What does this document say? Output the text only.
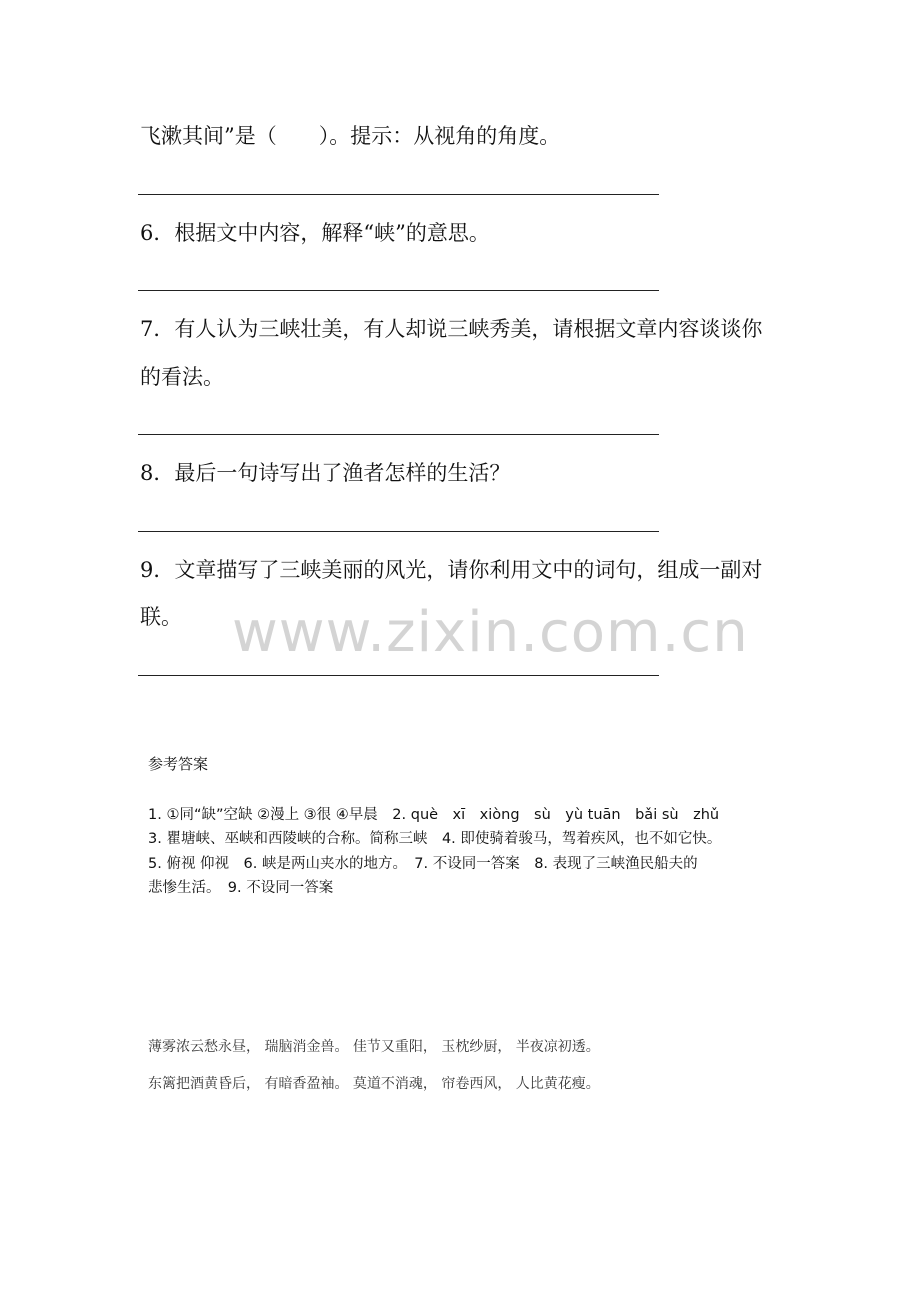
飞漱其间”是（　　）。提示：从视角的角度。
6．根据文中内容，解释“峡”的意思。
7．有人认为三峡壮美，有人却说三峡秀美，请根据文章内容谈谈你
的看法。
8．最后一句诗写出了渔者怎样的生活？
9．文章描写了三峡美丽的风光，请你利用文中的词句，组成一副对
联。 www.zixin.com.cn
参考答案
1. ①同“缺”空缺 ②漫上 ③很 ④早晨　2. què　xī　xiòng　sù　yù tuān　bǎi sù　zhǔ
3. 瞿塘峡、巫峡和西陵峡的合称。简称三峡　4. 即使骑着骏马，驾着疾风，也不如它快。
5. 俯视 仰视　6. 峡是两山夹水的地方。　7. 不设同一答案　8. 表现了三峡渔民船夫的
悲惨生活。　9. 不设同一答案
薄雾浓云愁永昼， 瑞脑消金兽。 佳节又重阳， 玉枕纱厨， 半夜凉初透。
东篱把酒黄昏后， 有暗香盈袖。 莫道不消魂， 帘卷西风， 人比黄花瘦。
